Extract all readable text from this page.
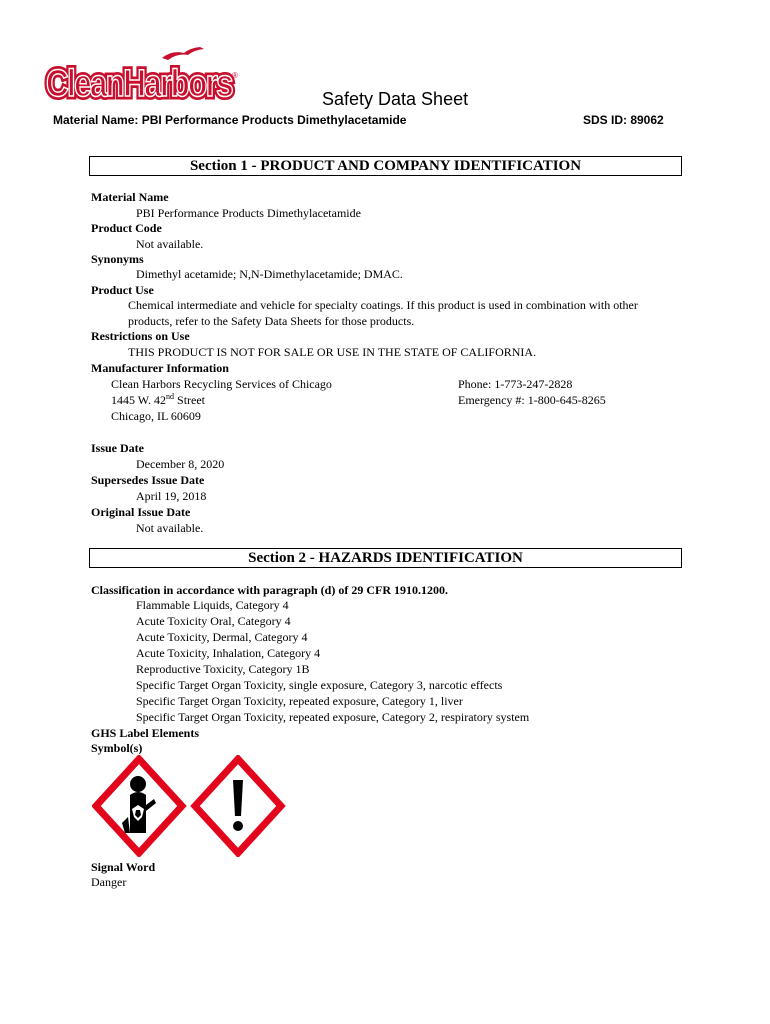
CleanHarbors
CleanHarbors ®
Safety Data Sheet
Material Name: PBI Performance Products Dimethylacetamide	SDS ID: 89062
Section 1 - PRODUCT AND COMPANY IDENTIFICATION
Material Name
PBI Performance Products Dimethylacetamide
Product Code
Not available.
Synonyms
Dimethyl acetamide; N,N-Dimethylacetamide; DMAC.
Product Use
Chemical intermediate and vehicle for specialty coatings. If this product is used in combination with other
products, refer to the Safety Data Sheets for those products.
Restrictions on Use
THIS PRODUCT IS NOT FOR SALE OR USE IN THE STATE OF CALIFORNIA.
Manufacturer Information
Clean Harbors Recycling Services of Chicago
1445 W. 42nd Street
Chicago, IL 60609
Phone: 1-773-247-2828
Emergency #: 1-800-645-8265
Issue Date
December 8, 2020
Supersedes Issue Date
April 19, 2018
Original Issue Date
Not available.
Section 2 - HAZARDS IDENTIFICATION
Classification in accordance with paragraph (d) of 29 CFR 1910.1200.
Flammable Liquids, Category 4
Acute Toxicity Oral, Category 4
Acute Toxicity, Dermal, Category 4
Acute Toxicity, Inhalation, Category 4
Reproductive Toxicity, Category 1B
Specific Target Organ Toxicity, single exposure, Category 3, narcotic effects
Specific Target Organ Toxicity, repeated exposure, Category 1, liver
Specific Target Organ Toxicity, repeated exposure, Category 2, respiratory system
GHS Label Elements
Symbol(s)
Signal Word
Danger
